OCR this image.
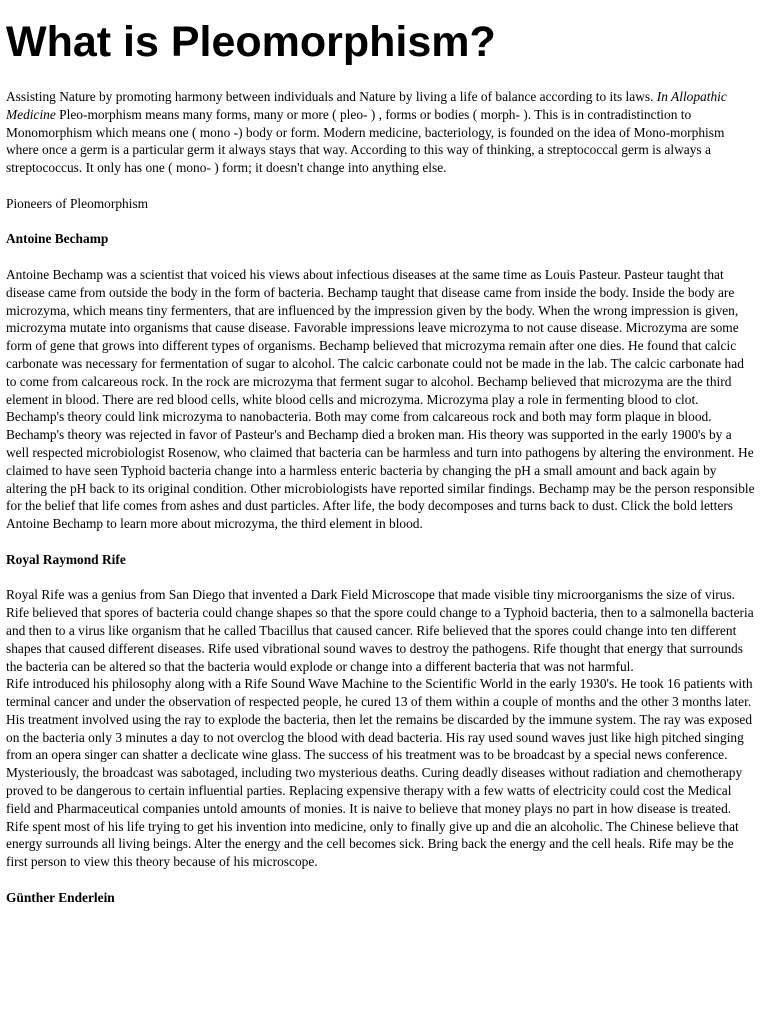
What is Pleomorphism?

Assisting Nature by promoting harmony between individuals and Nature by living a life of balance according to its laws. In Allopathic Medicine Pleo-morphism means many forms, many or more ( pleo- ) , forms or bodies ( morph- ). This is in contradistinction to Monomorphism which means one ( mono -) body or form. Modern medicine, bacteriology, is founded on the idea of Mono-morphism where once a germ is a particular germ it always stays that way. According to this way of thinking, a streptococcal germ is always a streptococcus. It only has one ( mono- ) form; it doesn't change into anything else.

Pioneers of Pleomorphism

Antoine Bechamp

Antoine Bechamp was a scientist that voiced his views about infectious diseases at the same time as Louis Pasteur. Pasteur taught that disease came from outside the body in the form of bacteria. Bechamp taught that disease came from inside the body. Inside the body are microzyma, which means tiny fermenters, that are influenced by the impression given by the body. When the wrong impression is given, microzyma mutate into organisms that cause disease. Favorable impressions leave microzyma to not cause disease. Microzyma are some form of gene that grows into different types of organisms. Bechamp believed that microzyma remain after one dies. He found that calcic carbonate was necessary for fermentation of sugar to alcohol. The calcic carbonate could not be made in the lab. The calcic carbonate had to come from calcareous rock. In the rock are microzyma that ferment sugar to alcohol. Bechamp believed that microzyma are the third element in blood. There are red blood cells, white blood cells and microzyma. Microzyma play a role in fermenting blood to clot. Bechamp's theory could link microzyma to nanobacteria. Both may come from calcareous rock and both may form plaque in blood. Bechamp's theory was rejected in favor of Pasteur's and Bechamp died a broken man. His theory was supported in the early 1900's by a well respected microbiologist Rosenow, who claimed that bacteria can be harmless and turn into pathogens by altering the environment. He claimed to have seen Typhoid bacteria change into a harmless enteric bacteria by changing the pH a small amount and back again by altering the pH back to its original condition. Other microbiologists have reported similar findings. Bechamp may be the person responsible for the belief that life comes from ashes and dust particles. After life, the body decomposes and turns back to dust. Click the bold letters Antoine Bechamp to learn more about microzyma, the third element in blood.

Royal Raymond Rife

Royal Rife was a genius from San Diego that invented a Dark Field Microscope that made visible tiny microorganisms the size of virus. Rife believed that spores of bacteria could change shapes so that the spore could change to a Typhoid bacteria, then to a salmonella bacteria and then to a virus like organism that he called Tbacillus that caused cancer. Rife believed that the spores could change into ten different shapes that caused different diseases. Rife used vibrational sound waves to destroy the pathogens. Rife thought that energy that surrounds the bacteria can be altered so that the bacteria would explode or change into a different bacteria that was not harmful.

Rife introduced his philosophy along with a Rife Sound Wave Machine to the Scientific World in the early 1930's. He took 16 patients with terminal cancer and under the observation of respected people, he cured 13 of them within a couple of months and the other 3 months later. His treatment involved using the ray to explode the bacteria, then let the remains be discarded by the immune system. The ray was exposed on the bacteria only 3 minutes a day to not overclog the blood with dead bacteria. His ray used sound waves just like high pitched singing from an opera singer can shatter a declicate wine glass. The success of his treatment was to be broadcast by a special news conference. Mysteriously, the broadcast was sabotaged, including two mysterious deaths. Curing deadly diseases without radiation and chemotherapy proved to be dangerous to certain influential parties. Replacing expensive therapy with a few watts of electricity could cost the Medical field and Pharmaceutical companies untold amounts of monies. It is naive to believe that money plays no part in how disease is treated. Rife spent most of his life trying to get his invention into medicine, only to finally give up and die an alcoholic. The Chinese believe that energy surrounds all living beings. Alter the energy and the cell becomes sick. Bring back the energy and the cell heals. Rife may be the first person to view this theory because of his microscope.

Günther Enderlein
